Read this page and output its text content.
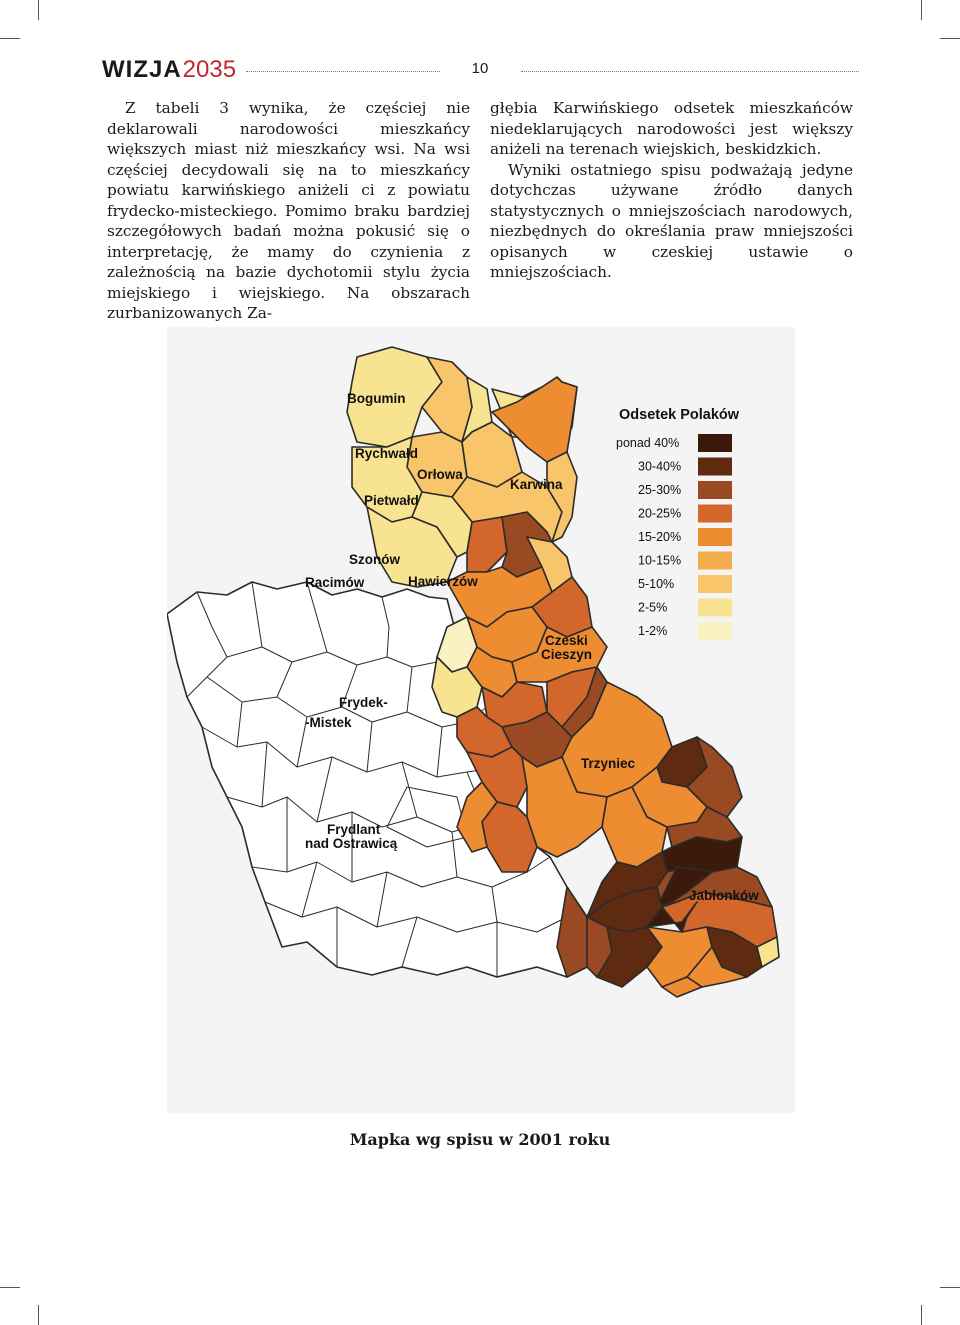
WIZJA 2035	10

Z tabeli 3 wynika, że częściej nie deklarowali narodowości mieszkańcy większych miast niż mieszkańcy wsi. Na wsi częściej decydowali się na to mieszkańcy powiatu karwińskiego aniżeli ci z powiatu frydecko-misteckiego. Pomimo braku bardziej szczegółowych badań można pokusić się o interpretację, że mamy do czynienia z zależnością na bazie dychotomii stylu życia miejskiego i wiejskiego. Na obszarach zurbanizowanych Za-

głębia Karwińskiego odsetek mieszkańców niedeklarujących narodowości jest większy aniżeli na terenach wiejskich, beskidzkich.

Wyniki ostatniego spisu podważają jedyne dotychczas używane źródło danych statystycznych o mniejszościach narodowych, niezbędnych do określania praw mniejszości opisanych w czeskiej ustawie o mniejszościach.

Bogumin
Rychwałd
Orłowa
Karwina
Pietwałd
Szonów
Racimów	Hawierzów
Czeski
Cieszyn
Frydek-
-Mistek
Trzyniec
Frydlant
nad Ostrawicą
Jabłonków
Odsetek Polaków
ponad 40%
30-40%
25-30%
20-25%
15-20%
10-15%
5-10%
2-5%
1-2%
Mapka wg spisu w 2001 roku
